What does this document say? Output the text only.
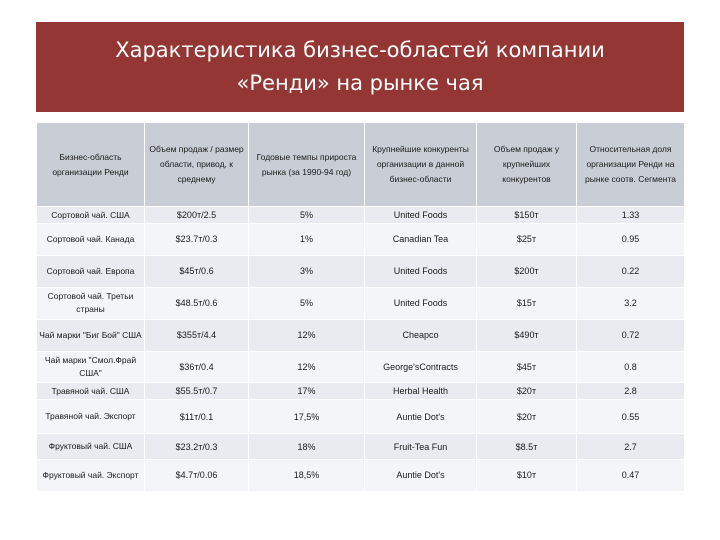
Характеристика бизнес-областей компании
«Ренди» на рынке чая
Бизнес-область организации Ренди	Объем продаж / размер области, привод, к среднему	Годовые темпы прироста рынка (за 1990-94 год)	Крупнейшие конкуренты организации в данной бизнес-области	Объем продаж у крупнейших конкурентов	Относительная доля организации Ренди на рынке соотв. Сегмента
Сортовой чай. США	$200т/2.5	5%	United Foods	$150т	1.33
Сортовой чай. Канада	$23.7т/0.3	1%	Canadian Tea	$25т	0.95
Сортовой чай. Европа	$45т/0.6	3%	United Foods	$200т	0.22
Сортовой чай. Третьи страны	$48.5т/0.6	5%	United Foods	$15т	3.2
Чай марки "Биг Бой" США	$355т/4.4	12%	Cheapco	$490т	0.72
Чай марки "Смол.Фрай США"	$36т/0.4	12%	George'sContracts	$45т	0.8
Травяной чай. США	$55.5т/0.7	17%	Herbal Health	$20т	2.8
Травяной чай. Экспорт	$11т/0.1	17,5%	Auntie Dot's	$20т	0.55
Фруктовый чай. США	$23.2т/0.3	18%	Fruit-Tea Fun	$8.5т	2.7
Фруктовый чай. Экспорт	$4.7т/0.06	18,5%	Auntie Dot's	$10т	0.47
